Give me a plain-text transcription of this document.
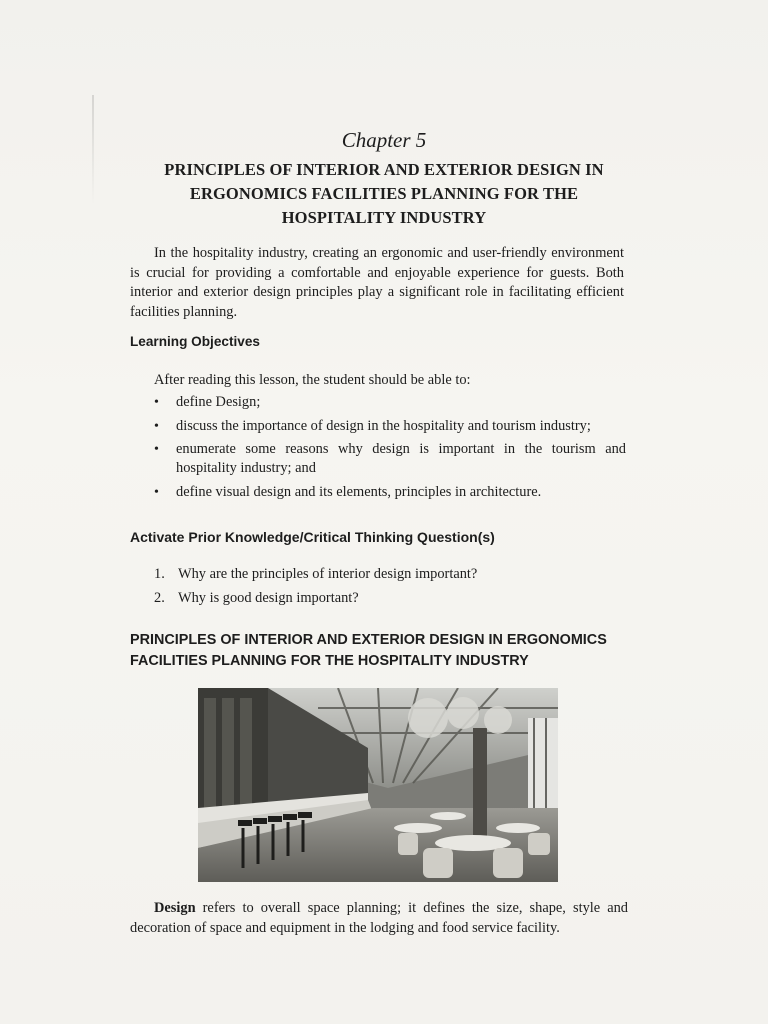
Chapter 5
PRINCIPLES OF INTERIOR AND EXTERIOR DESIGN IN
ERGONOMICS FACILITIES PLANNING FOR THE
HOSPITALITY INDUSTRY

In the hospitality industry, creating an ergonomic and user-friendly environment is crucial for providing a comfortable and enjoyable experience for guests. Both interior and exterior design principles play a significant role in facilitating efficient facilities planning.

Learning Objectives
After reading this lesson, the student should be able to:
• define Design;
• discuss the importance of design in the hospitality and tourism industry;
• enumerate some reasons why design is important in the tourism and hospitality industry; and
• define visual design and its elements, principles in architecture.
Activate Prior Knowledge/Critical Thinking Question(s)
1. Why are the principles of interior design important?
2. Why is good design important?
PRINCIPLES OF INTERIOR AND EXTERIOR DESIGN IN ERGONOMICS
FACILITIES PLANNING FOR THE HOSPITALITY INDUSTRY

Design refers to overall space planning; it defines the size, shape, style and decoration of space and equipment in the lodging and food service facility.
